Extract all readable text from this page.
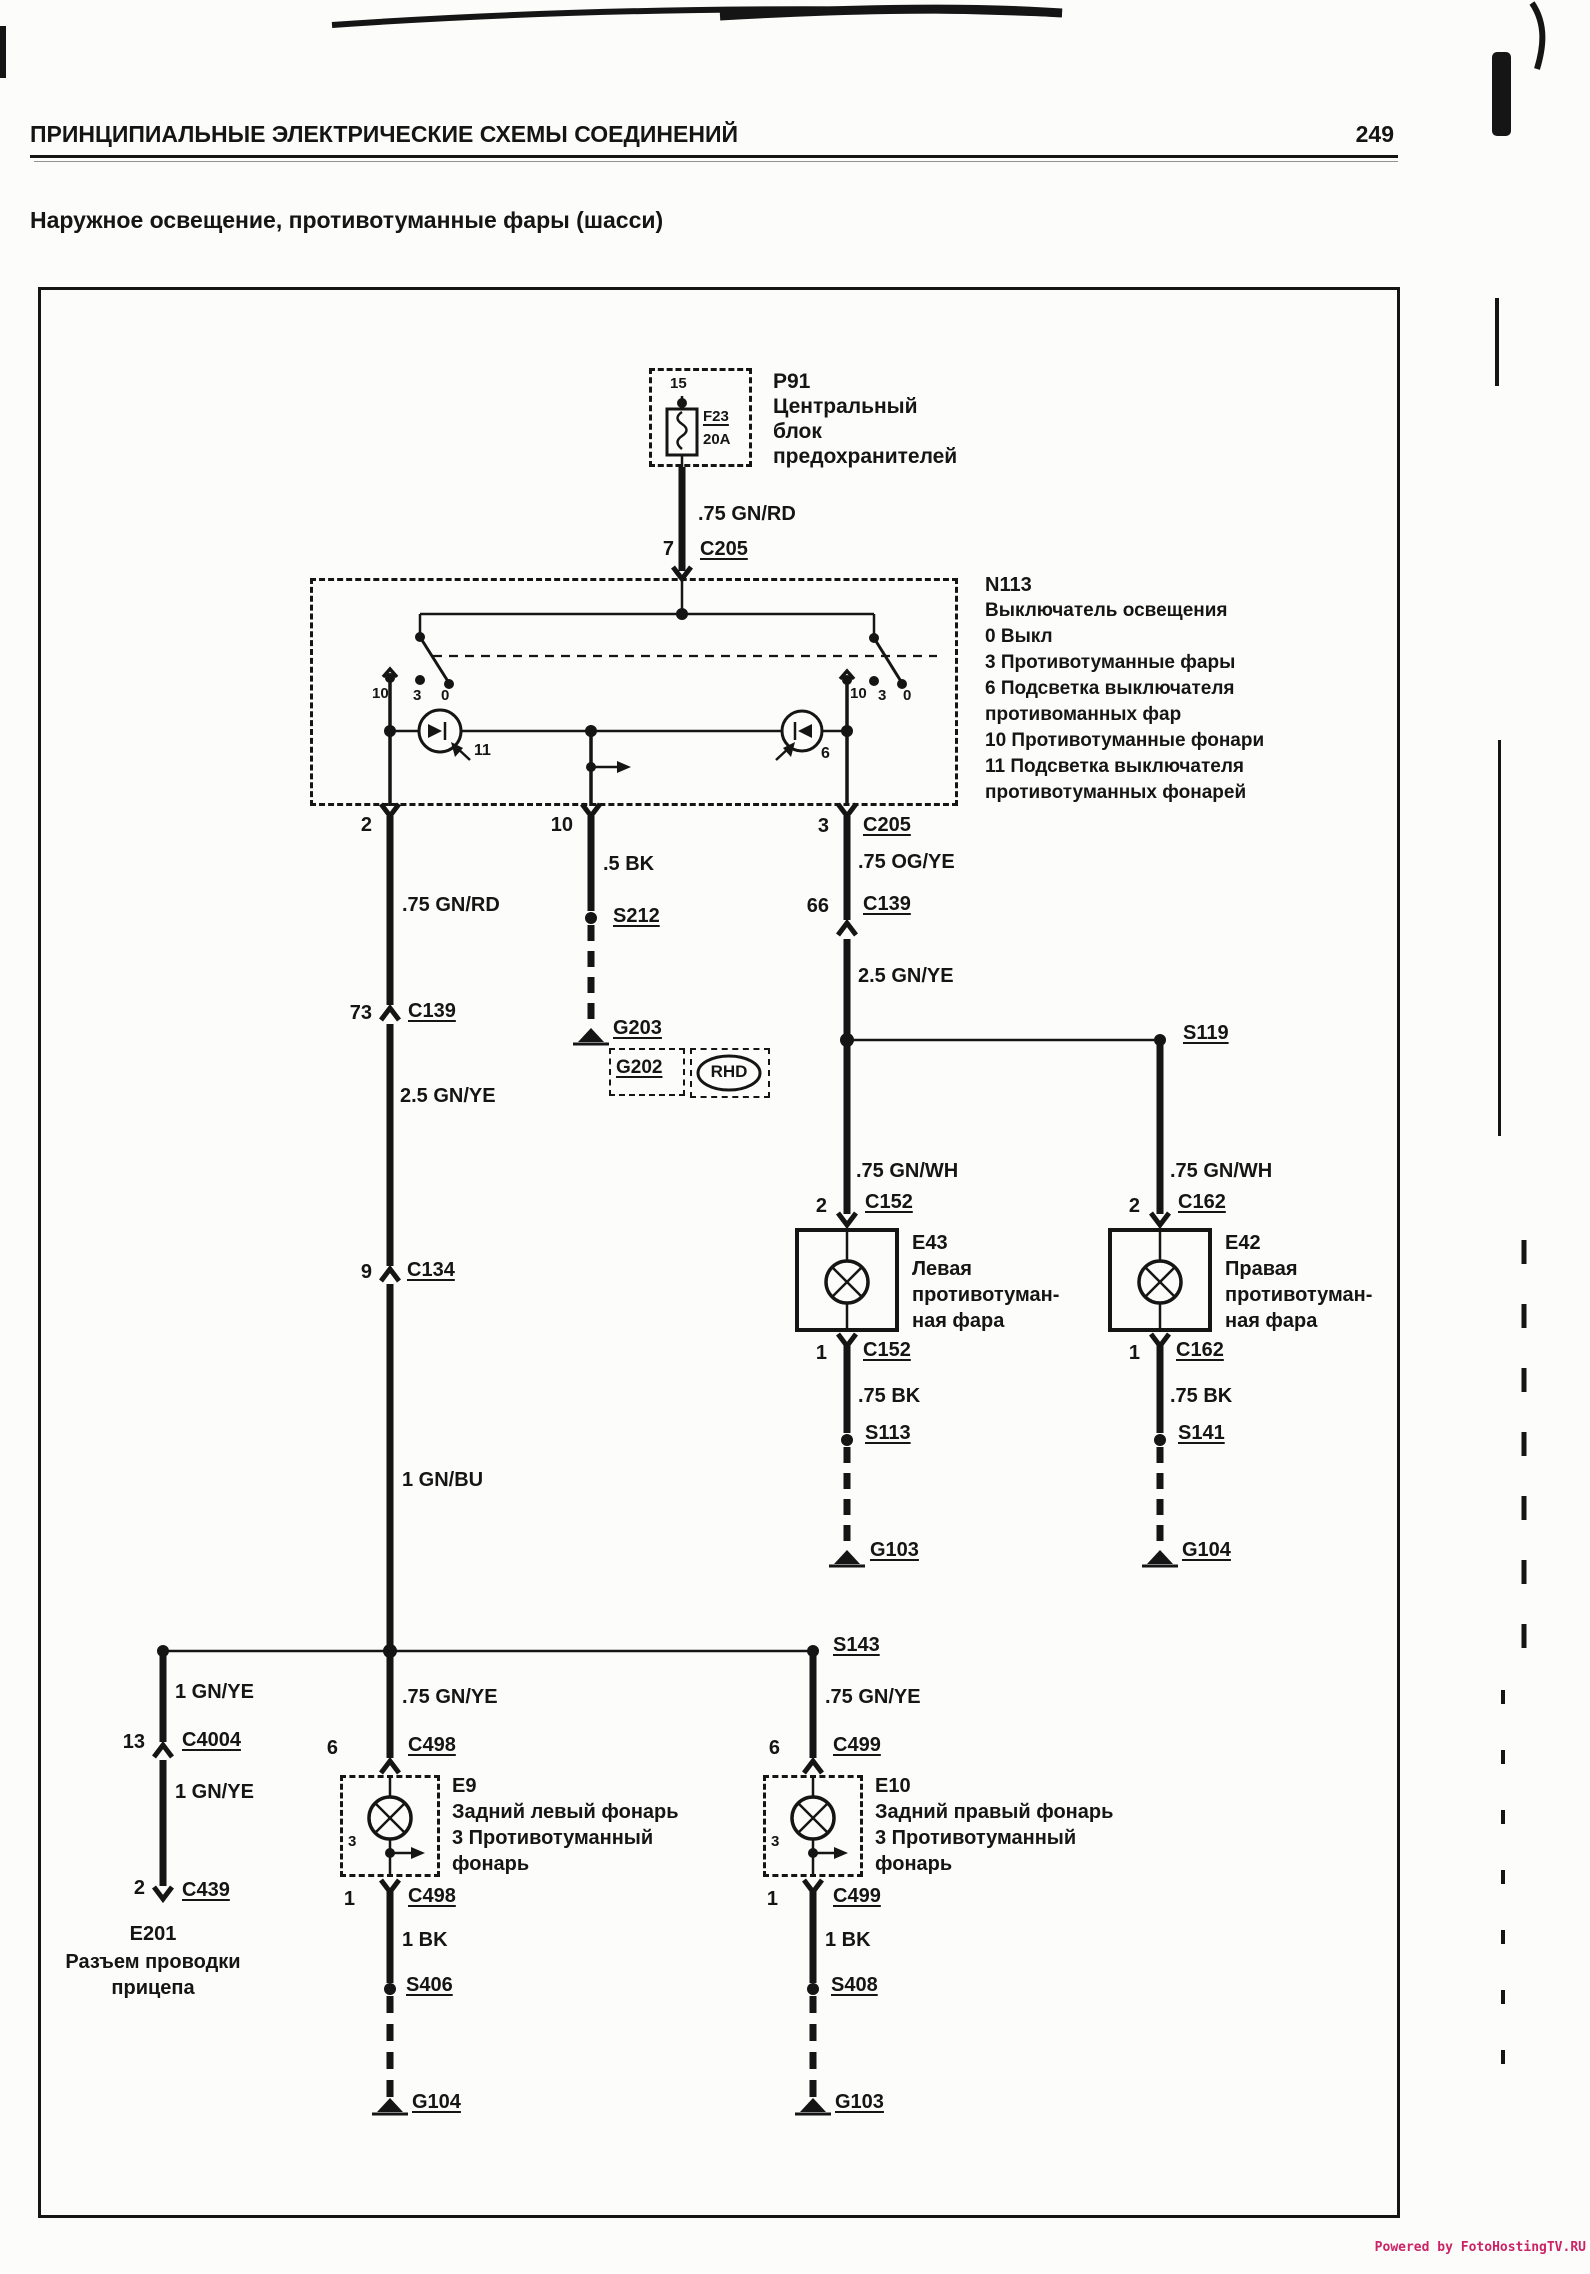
ПРИНЦИПИАЛЬНЫЕ ЭЛЕКТРИЧЕСКИЕ СХЕМЫ СОЕДИНЕНИЙ	249
Наружное освещение, противотуманные фары (шасси)
15
F23
20A
P91
Центральный
блок
предохранителей
.75 GN/RD
7 C205
N113
Выключатель освещения
0 Выкл
3 Противотуманные фары
6 Подсветка выключателя
противоманных фар
10 Противотуманные фонари
11 Подсветка выключателя
противотуманных фонарей
10 3 0
11
10 3 0
6
2	10	3 C205
.75 GN/RD
73 C139
2.5 GN/YE
9 C134
1 GN/BU
.5 BK
S212
G203
G202	RHD
.75 OG/YE
66 C139
2.5 GN/YE
S119
.75 GN/WH
2 C152
E43
Левая
противотуман-
ная фара
1 C152
.75 BK
S113
G103
.75 GN/WH
2 C162
E42
Правая
противотуман-
ная фара
1 C162
.75 BK
S141
G104
S143
1 GN/YE
13 C4004
1 GN/YE
2 C439
E201
Разъем проводки
прицепа
.75 GN/YE
6	C498
E9
Задний левый фонарь
3 Противотуманный
фонарь
3
1	C498
1 BK
S406
G104
.75 GN/YE
6	C499
E10
Задний правый фонарь
3 Противотуманный
фонарь
3
1	C499
1 BK
S408
G103
Powered by FotoHostingTV.RU
